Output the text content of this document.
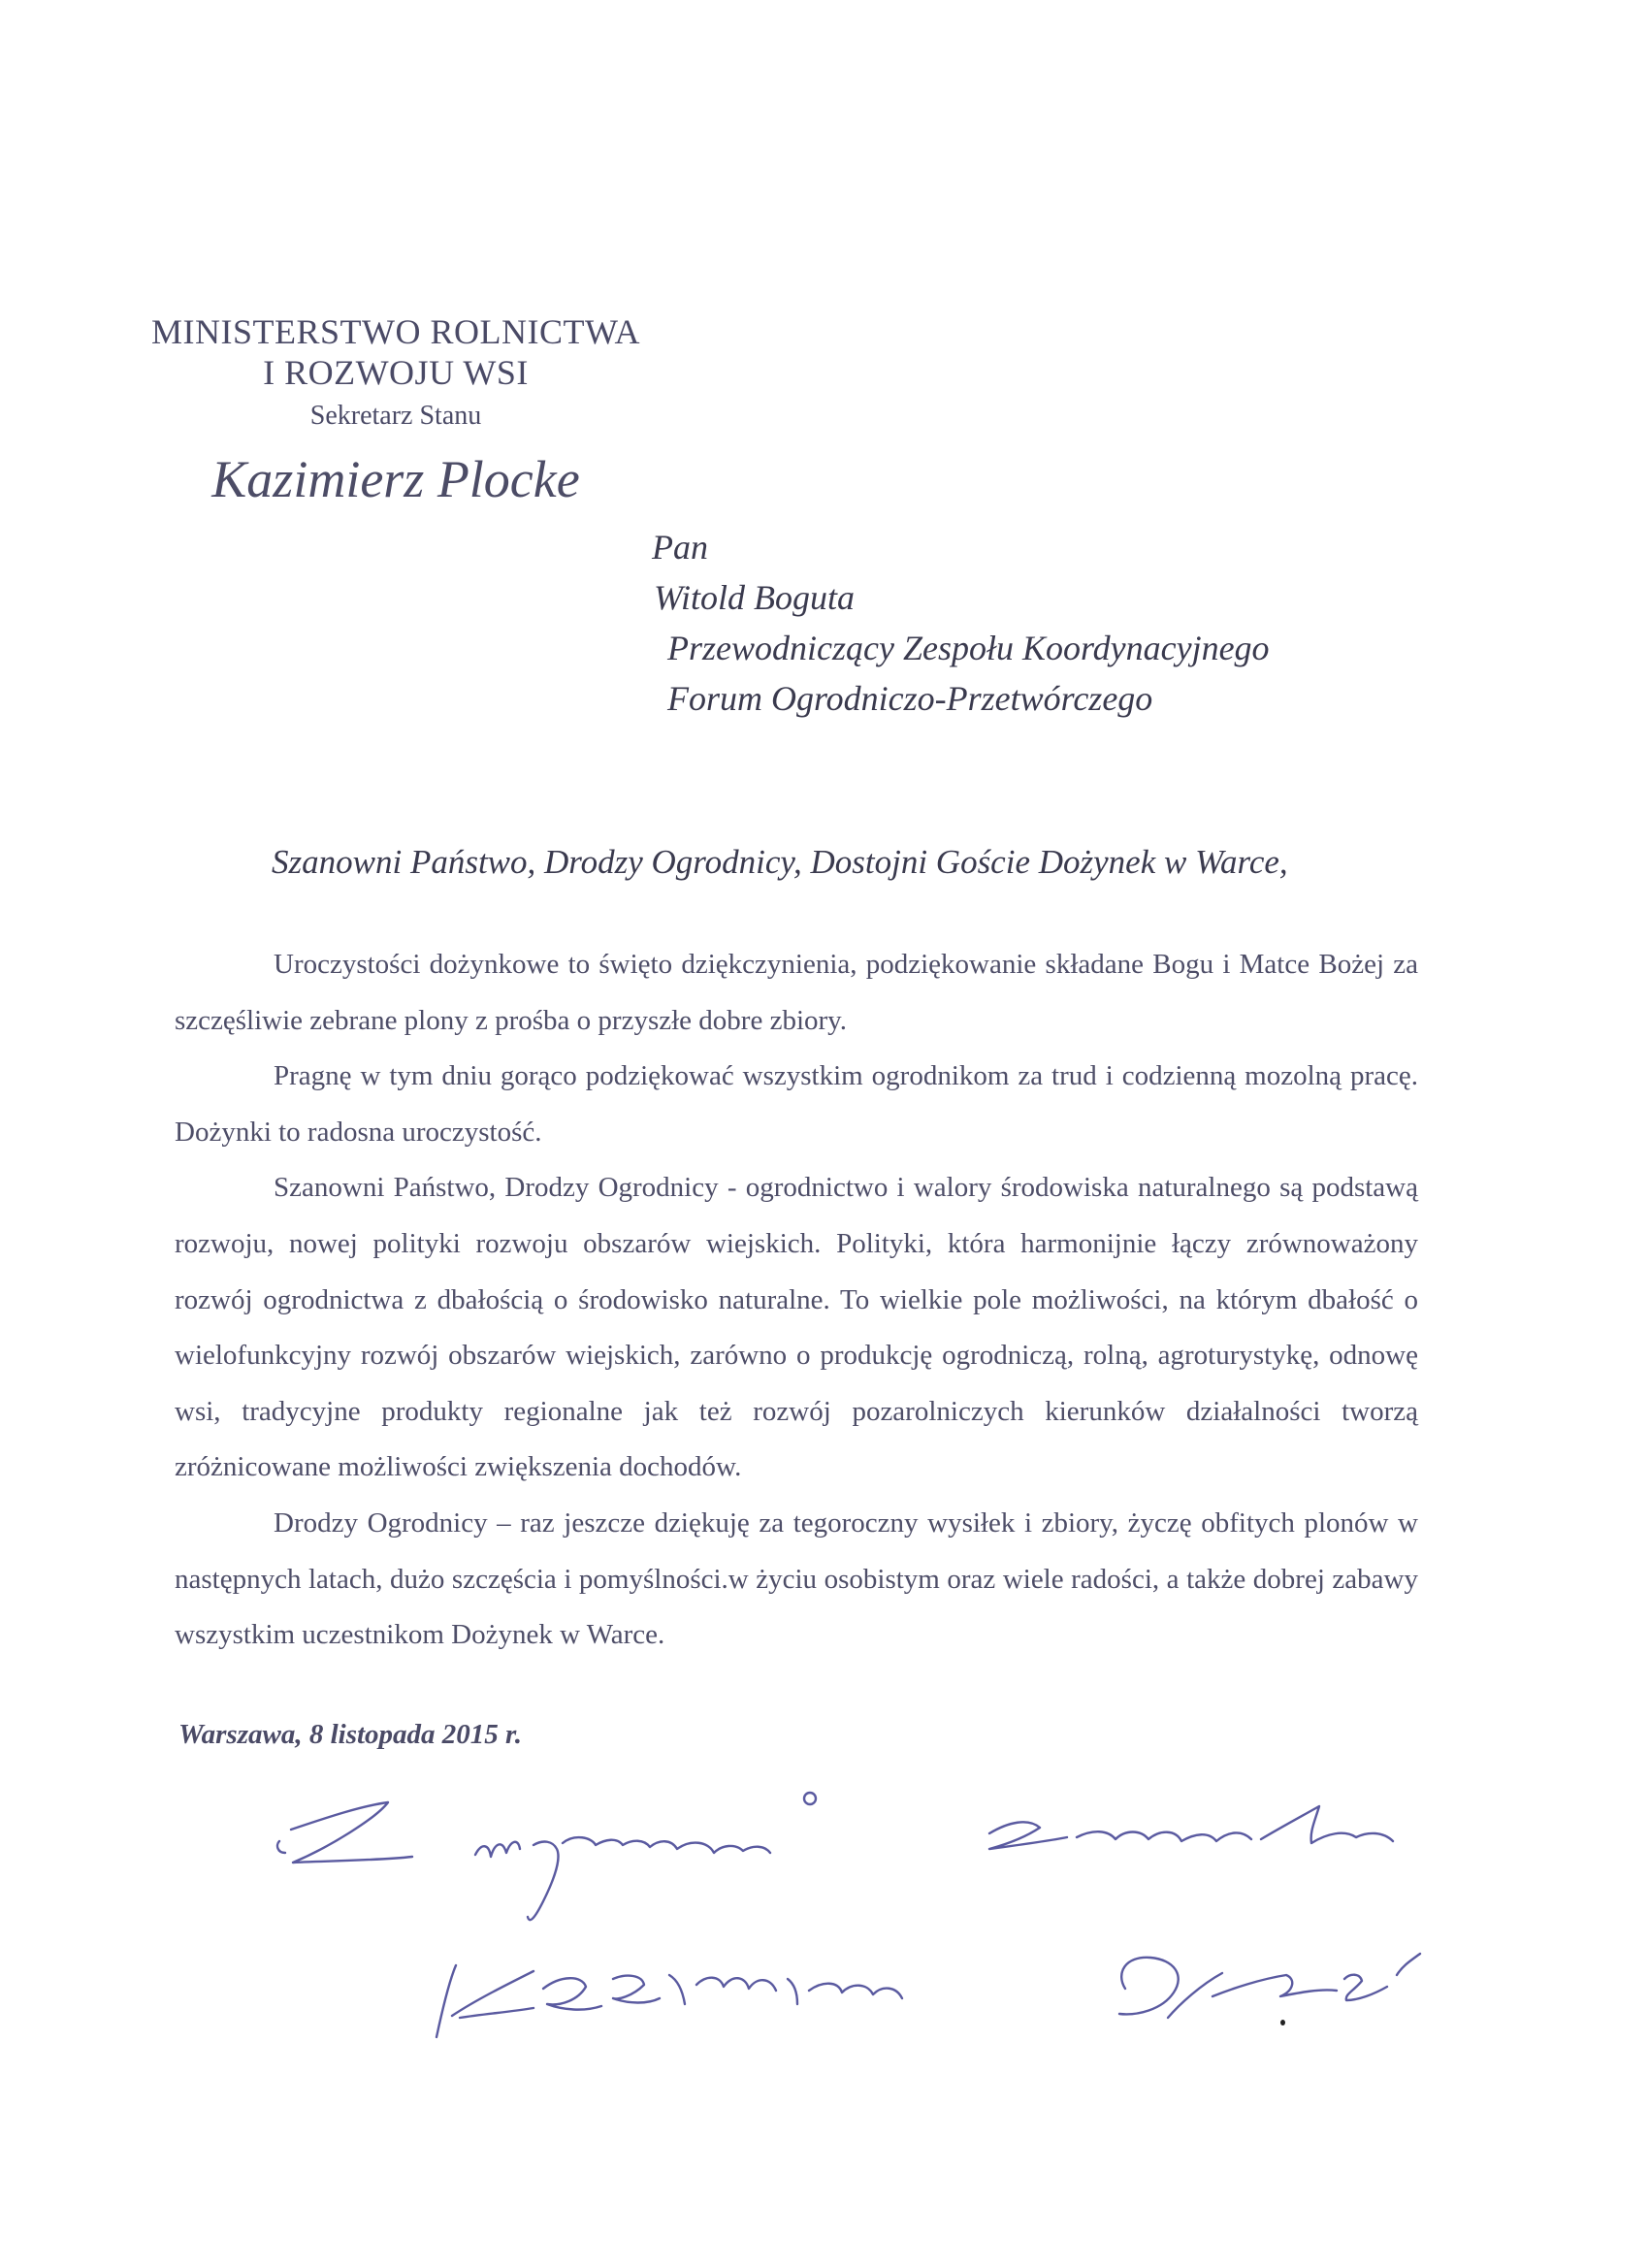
MINISTERSTWO ROLNICTWA
I ROZWOJU WSI
Sekretarz Stanu
Kazimierz Plocke
Pan
Witold Boguta
Przewodniczący Zespołu Koordynacyjnego
Forum Ogrodniczo-Przetwórczego
Szanowni Państwo, Drodzy Ogrodnicy, Dostojni Goście Dożynek w Warce,

Uroczystości dożynkowe to święto dziękczynienia, podziękowanie składane Bogu i Matce Bożej za szczęśliwie zebrane plony z prośba o przyszłe dobre zbiory.

Pragnę w tym dniu gorąco podziękować wszystkim ogrodnikom za trud i codzienną mozolną pracę. Dożynki to radosna uroczystość.

Szanowni Państwo, Drodzy Ogrodnicy - ogrodnictwo i walory środowiska naturalnego są podstawą rozwoju, nowej polityki rozwoju obszarów wiejskich. Polityki, która harmonijnie łączy zrównoważony rozwój ogrodnictwa z dbałością o środowisko naturalne. To wielkie pole możliwości, na którym dbałość o wielofunkcyjny rozwój obszarów wiejskich, zarówno o produkcję ogrodniczą, rolną, agroturystykę, odnowę wsi, tradycyjne produkty regionalne jak też rozwój pozarolniczych kierunków działalności tworzą zróżnicowane możliwości zwiększenia dochodów.

Drodzy Ogrodnicy – raz jeszcze dziękuję za tegoroczny wysiłek i zbiory, życzę obfitych plonów w następnych latach, dużo szczęścia i pomyślności.w życiu osobistym oraz wiele radości, a także dobrej zabawy wszystkim uczestnikom Dożynek w Warce.

Warszawa, 8 listopada 2015 r.
